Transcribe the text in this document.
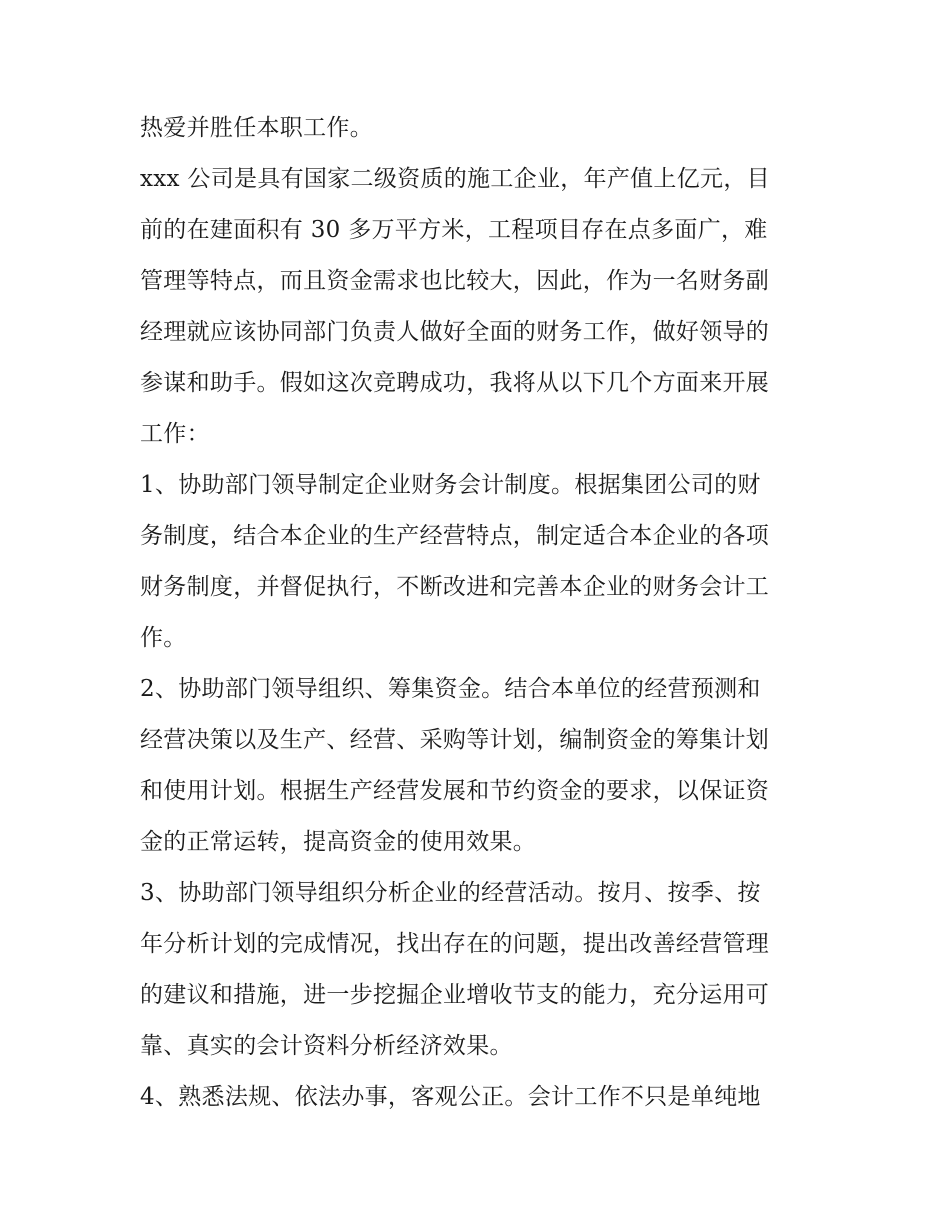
热爱并胜任本职工作。
xxx 公司是具有国家二级资质的施工企业，年产值上亿元，目
前的在建面积有 30 多万平方米，工程项目存在点多面广，难
管理等特点，而且资金需求也比较大，因此，作为一名财务副
经理就应该协同部门负责人做好全面的财务工作，做好领导的
参谋和助手。假如这次竞聘成功，我将从以下几个方面来开展
工作：
1、协助部门领导制定企业财务会计制度。根据集团公司的财
务制度，结合本企业的生产经营特点，制定适合本企业的各项
财务制度，并督促执行，不断改进和完善本企业的财务会计工
作。
2、协助部门领导组织、筹集资金。结合本单位的经营预测和
经营决策以及生产、经营、采购等计划，编制资金的筹集计划
和使用计划。根据生产经营发展和节约资金的要求，以保证资
金的正常运转，提高资金的使用效果。
3、协助部门领导组织分析企业的经营活动。按月、按季、按
年分析计划的完成情况，找出存在的问题，提出改善经营管理
的建议和措施，进一步挖掘企业增收节支的能力，充分运用可
靠、真实的会计资料分析经济效果。
4、熟悉法规、依法办事，客观公正。会计工作不只是单纯地
